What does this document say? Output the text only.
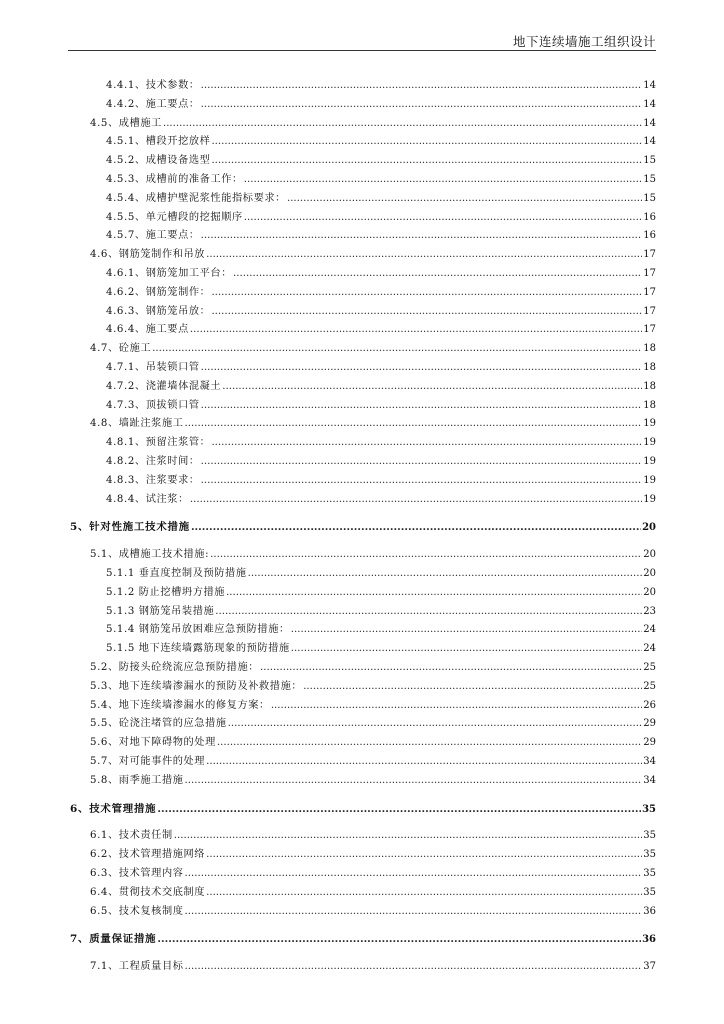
地下连续墙施工组织设计
4.4.1、技术参数： .....	14
4.4.2、施工要点： .....	14
4.5、成槽施工 .....	14
4.5.1、槽段开挖放样 .....	14
4.5.2、成槽设备选型 .....	15
4.5.3、成槽前的准备工作： .....	15
4.5.4、成槽护壁泥浆性能指标要求： .....	15
4.5.5、单元槽段的挖掘顺序 .....	16
4.5.7、施工要点： .....	16
4.6、钢筋笼制作和吊放 .....	17
4.6.1、钢筋笼加工平台： .....	17
4.6.2、钢筋笼制作： .....	17
4.6.3、钢筋笼吊放： .....	17
4.6.4、施工要点 .....	17
4.7、砼施工 .....	18
4.7.1、吊装锁口管 .....	18
4.7.2、浇灌墙体混凝土 .....	18
4.7.3、顶拔锁口管 .....	18
4.8、墙趾注浆施工 .....	19
4.8.1、预留注浆管： .....	19
4.8.2、注浆时间： .....	19
4.8.3、注浆要求： .....	19
4.8.4、试注浆： .....	19
5、针对性施工技术措施 .....	20
5.1、成槽施工技术措施: .....	20
5.1.1 垂直度控制及预防措施 .....	20
5.1.2 防止挖槽坍方措施 .....	20
5.1.3 钢筋笼吊装措施 .....	23
5.1.4 钢筋笼吊放困难应急预防措施： .....	24
5.1.5 地下连续墙露筋现象的预防措施 .....	24
5.2、防接头砼绕流应急预防措施： .....	25
5.3、地下连续墙渗漏水的预防及补救措施： .....	25
5.4、地下连续墙渗漏水的修复方案： .....	26
5.5、砼浇注堵管的应急措施 .....	29
5.6、对地下障碍物的处理 .....	29
5.7、对可能事件的处理 .....	34
5.8、雨季施工措施 .....	34
6、技术管理措施 .....	35
6.1、技术责任制 .....	35
6.2、技术管理措施网络 .....	35
6.3、技术管理内容 .....	35
6.4、贯彻技术交底制度 .....	35
6.5、技术复核制度 .....	36
7、质量保证措施 .....	36
7.1、工程质量目标 .....	37
